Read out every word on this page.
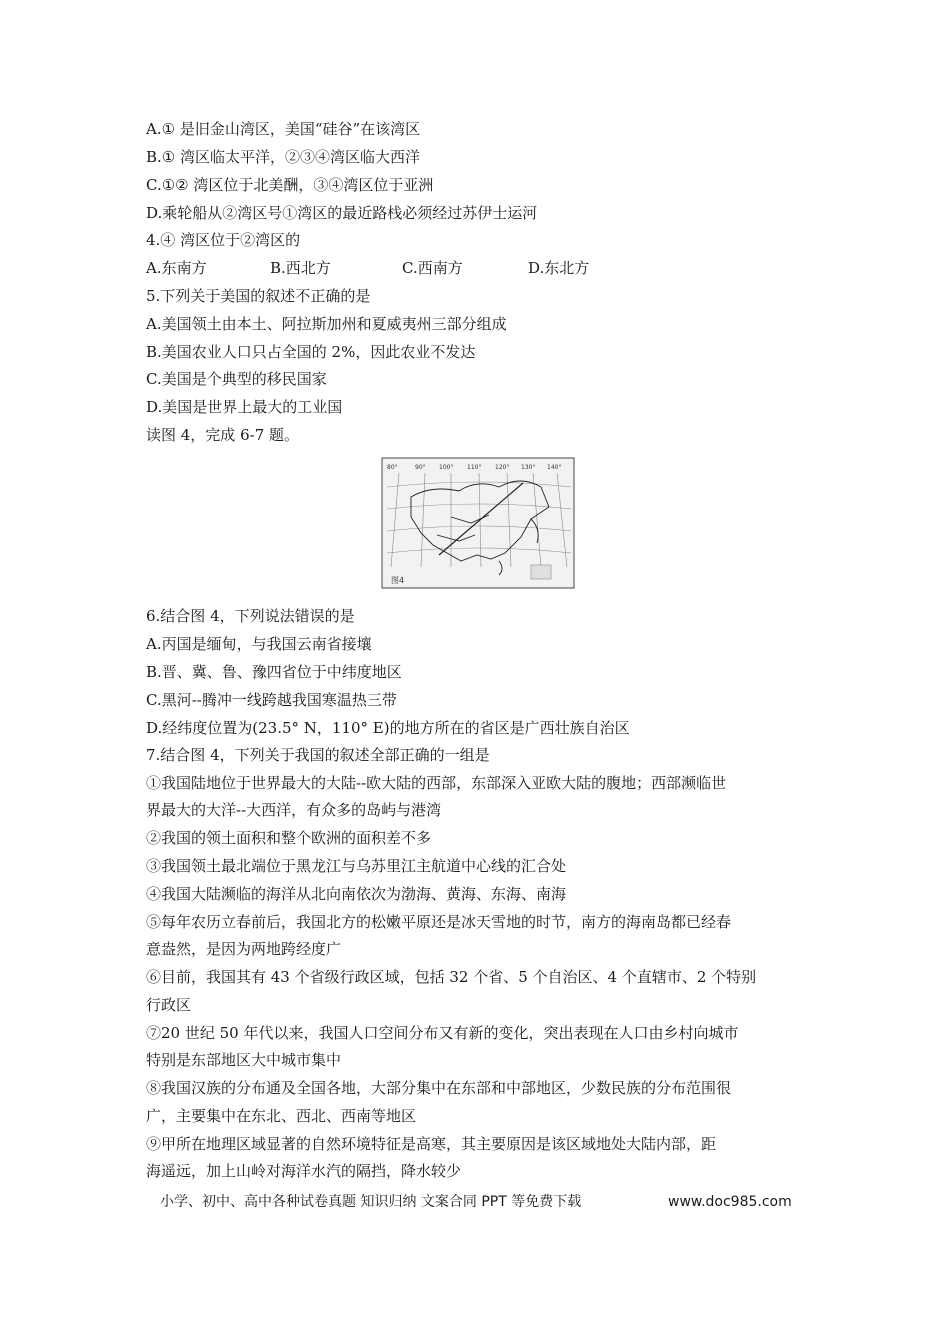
A.① 是旧金山湾区，美国“硅谷”在该湾区
B.① 湾区临太平洋，②③④湾区临大西洋
C.①② 湾区位于北美酬，③④湾区位于亚洲
D.乘轮船从②湾区号①湾区的最近路栈必须经过苏伊士运河
4.④ 湾区位于②湾区的
A.东南方	B.西北方	C.西南方	D.东北方
5.下列关于美国的叙述不正确的是
A.美国领土由本土、阿拉斯加州和夏威夷州三部分组成
B.美国农业人口只占全国的 2%，因此农业不发达
C.美国是个典型的移民国家
D.美国是世界上最大的工业国
读图 4，完成 6-7 题。
80°	90° 100° 110° 120° 130° 140°
图4
6.结合图 4，下列说法错误的是
A.丙国是缅甸，与我国云南省接壤
B.晋、冀、鲁、豫四省位于中纬度地区
C.黑河--腾冲一线跨越我国寒温热三带
D.经纬度位置为(23.5° N，110° E)的地方所在的省区是广西壮族自治区
7.结合图 4，下列关于我国的叙述全部正确的一组是
①我国陆地位于世界最大的大陆--欧大陆的西部，东部深入亚欧大陆的腹地；西部濒临世
界最大的大洋--大西洋，有众多的岛屿与港湾
②我国的领土面积和整个欧洲的面积差不多
③我国领土最北端位于黑龙江与乌苏里江主航道中心线的汇合处
④我国大陆濒临的海洋从北向南依次为渤海、黄海、东海、南海
⑤每年农历立春前后，我国北方的松嫩平原还是冰天雪地的时节，南方的海南岛都已经春
意盎然，是因为两地跨经度广
⑥目前，我国其有 43 个省级行政区域，包括 32 个省、5 个自治区、4 个直辖市、2 个特别
行政区
⑦20 世纪 50 年代以来，我国人口空间分布又有新的变化，突出表现在人口由乡村向城市
特别是东部地区大中城市集中
⑧我国汉族的分布通及全国各地，大部分集中在东部和中部地区，少数民族的分布范围很
广，主要集中在东北、西北、西南等地区
⑨甲所在地理区域显著的自然环境特征是高寒，其主要原因是该区域地处大陆内部，距
海遥远，加上山岭对海洋水汽的隔挡，降水较少
小学、初中、高中各种试卷真题 知识归纳 文案合同 PPT 等免费下载	www.doc985.com
